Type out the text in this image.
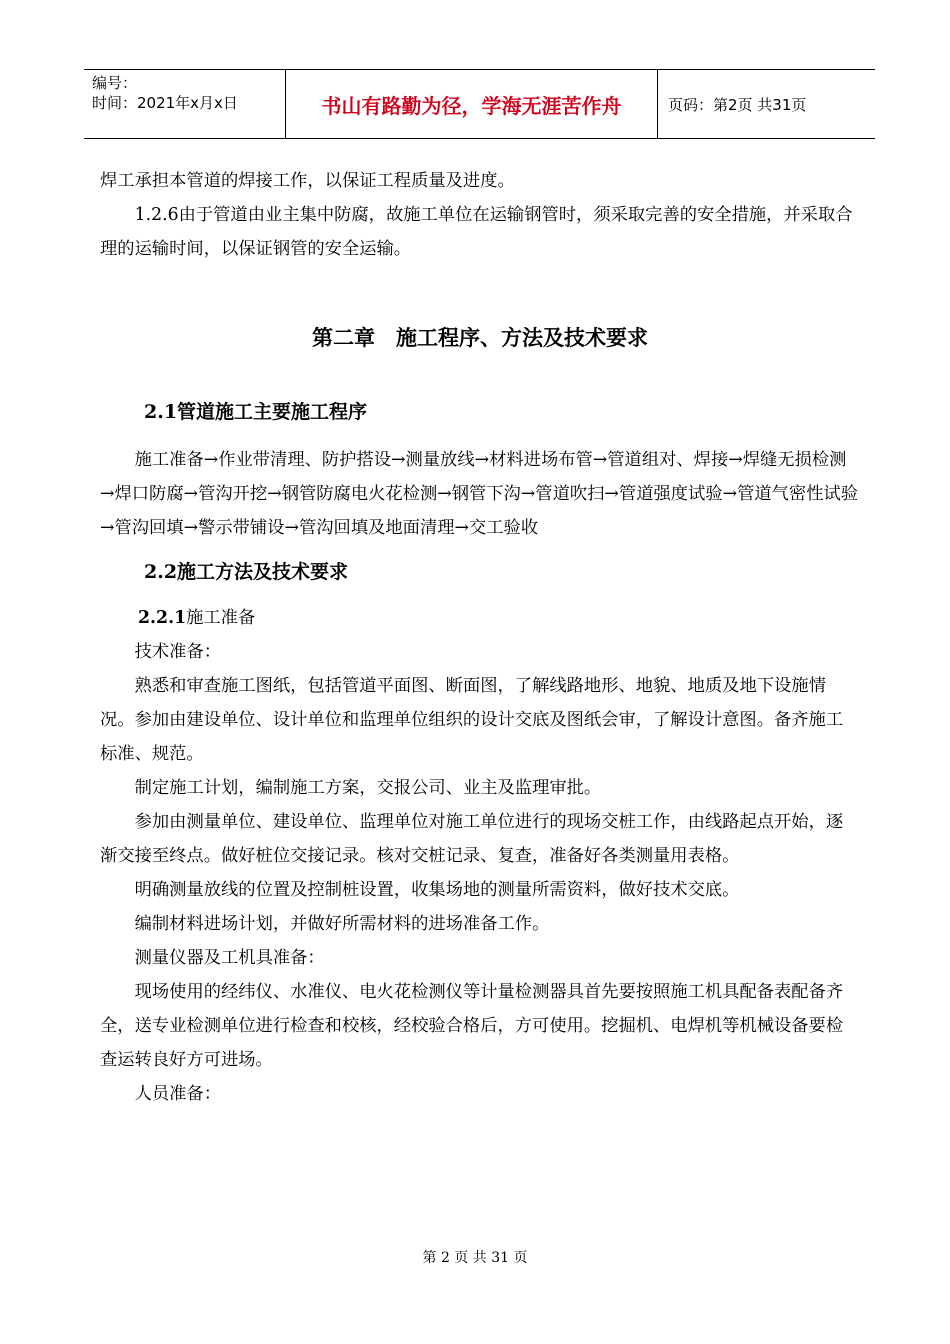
编号：
时间：2021年x月x日	书山有路勤为径，学海无涯苦作舟	页码：第2页 共31页

焊工承担本管道的焊接工作，以保证工程质量及进度。

1.2.6由于管道由业主集中防腐，故施工单位在运输钢管时，须采取完善的安全措施，并采取合理的运输时间，以保证钢管的安全运输。

第二章　施工程序、方法及技术要求
2.1管道施工主要施工程序

施工准备→作业带清理、防护搭设→测量放线→材料进场布管→管道组对、焊接→焊缝无损检测→焊口防腐→管沟开挖→钢管防腐电火花检测→钢管下沟→管道吹扫→管道强度试验→管道气密性试验→管沟回填→警示带铺设→管沟回填及地面清理→交工验收

2.2施工方法及技术要求

2.2.1施工准备

技术准备：

熟悉和审查施工图纸，包括管道平面图、断面图，了解线路地形、地貌、地质及地下设施情况。参加由建设单位、设计单位和监理单位组织的设计交底及图纸会审，了解设计意图。备齐施工标准、规范。

制定施工计划，编制施工方案，交报公司、业主及监理审批。

参加由测量单位、建设单位、监理单位对施工单位进行的现场交桩工作，由线路起点开始，逐渐交接至终点。做好桩位交接记录。核对交桩记录、复查，准备好各类测量用表格。

明确测量放线的位置及控制桩设置，收集场地的测量所需资料，做好技术交底。

编制材料进场计划，并做好所需材料的进场准备工作。

测量仪器及工机具准备：

现场使用的经纬仪、水准仪、电火花检测仪等计量检测器具首先要按照施工机具配备表配备齐全，送专业检测单位进行检查和校核，经校验合格后，方可使用。挖掘机、电焊机等机械设备要检查运转良好方可进场。

人员准备：

第 2 页 共 31 页
